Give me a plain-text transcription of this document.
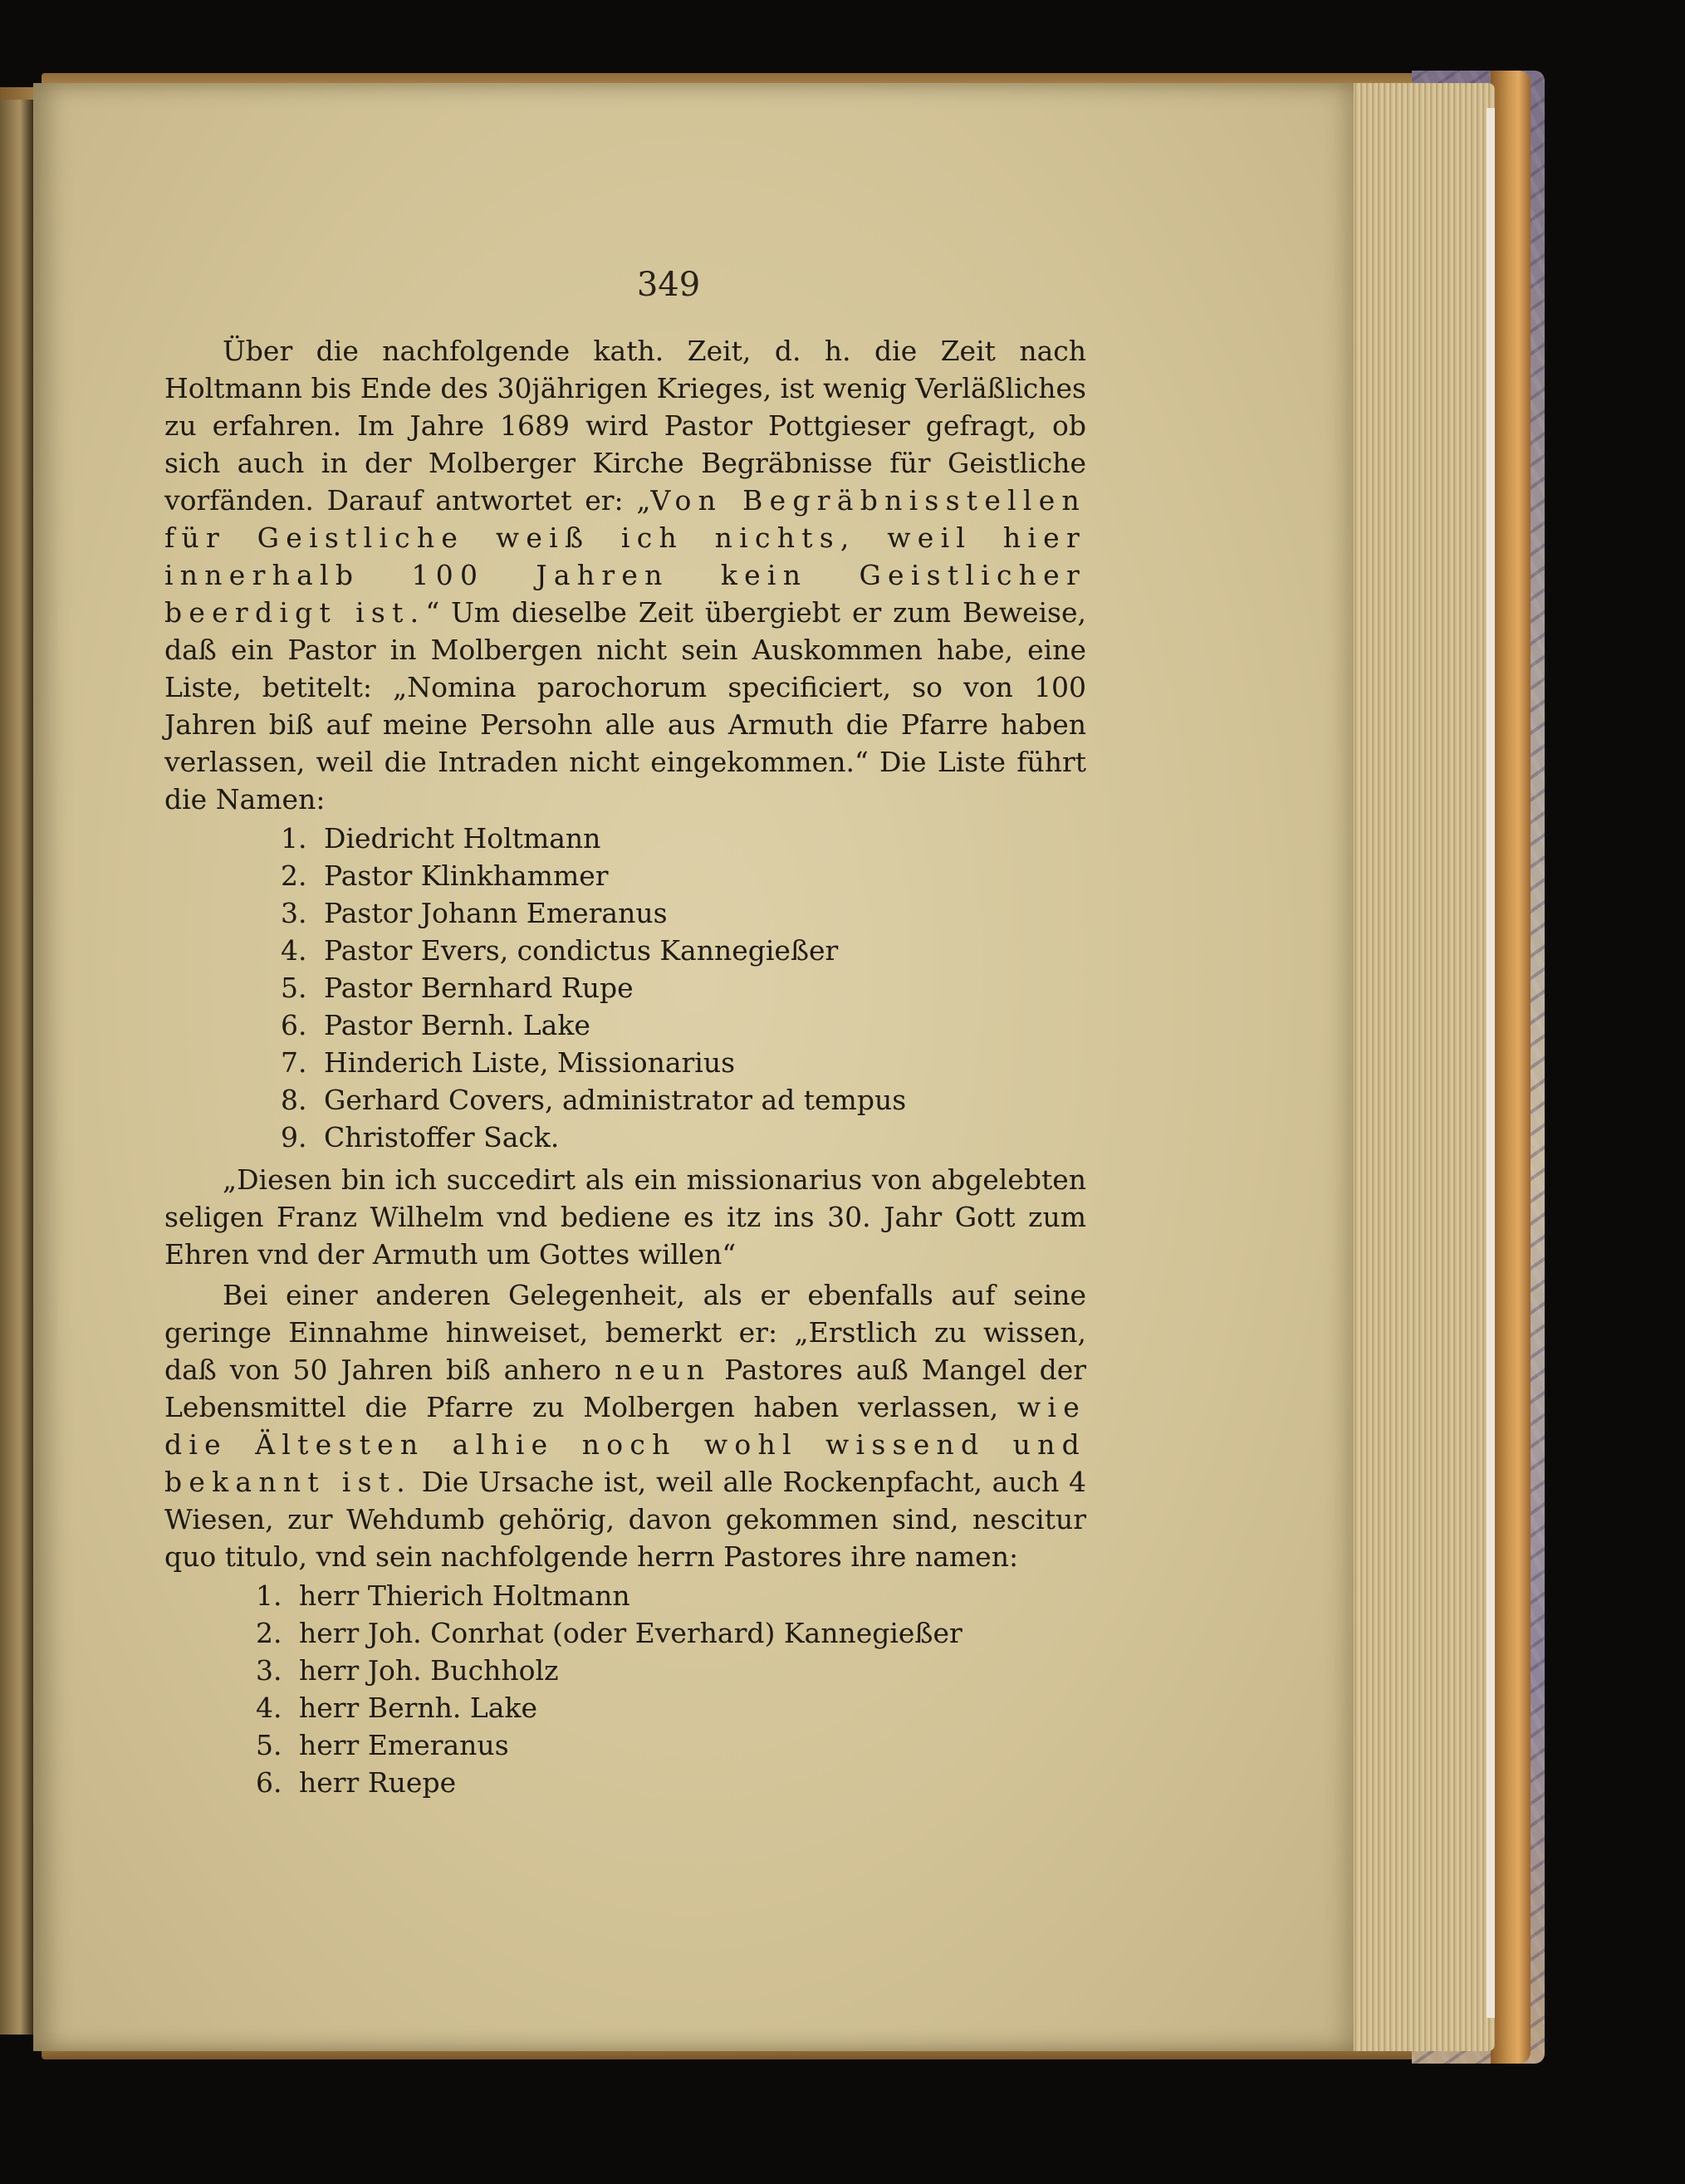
349

Über die nachfolgende kath. Zeit, d. h. die Zeit nach Holtmann bis Ende des 30jährigen Krieges, ist wenig Verläßliches zu erfahren. Im Jahre 1689 wird Pastor Pottgieser gefragt, ob sich auch in der Molberger Kirche Begräbnisse für Geistliche vorfänden. Darauf antwortet er: „Von Begräbnisstellen für Geistliche weiß ich nichts, weil hier innerhalb 100 Jahren kein Geistlicher beerdigt ist.“ Um dieselbe Zeit übergiebt er zum Beweise, daß ein Pastor in Molbergen nicht sein Auskommen habe, eine Liste, betitelt: „Nomina parochorum specificiert, so von 100 Jahren biß auf meine Persohn alle aus Armuth die Pfarre haben verlassen, weil die Intraden nicht eingekommen.“ Die Liste führt die Namen:

1. Diedricht Holtmann
2. Pastor Klinkhammer
3. Pastor Johann Emeranus
4. Pastor Evers, condictus Kannegießer
5. Pastor Bernhard Rupe
6. Pastor Bernh. Lake
7. Hinderich Liste, Missionarius
8. Gerhard Covers, administrator ad tempus
9. Christoffer Sack.

„Diesen bin ich succedirt als ein missionarius von abgelebten seligen Franz Wilhelm vnd bediene es itz ins 30. Jahr Gott zum Ehren vnd der Armuth um Gottes willen“

Bei einer anderen Gelegenheit, als er ebenfalls auf seine geringe Einnahme hinweiset, bemerkt er: „Erstlich zu wissen, daß von 50 Jahren biß anhero neun Pastores auß Mangel der Lebensmittel die Pfarre zu Molbergen haben verlassen, wie die Ältesten alhie noch wohl wissend und bekannt ist. Die Ursache ist, weil alle Rockenpfacht, auch 4 Wiesen, zur Wehdumb gehörig, davon gekommen sind, nescitur quo titulo, vnd sein nachfolgende herrn Pastores ihre namen:

1. herr Thierich Holtmann
2. herr Joh. Conrhat (oder Everhard) Kannegießer
3. herr Joh. Buchholz
4. herr Bernh. Lake
5. herr Emeranus
6. herr Ruepe
